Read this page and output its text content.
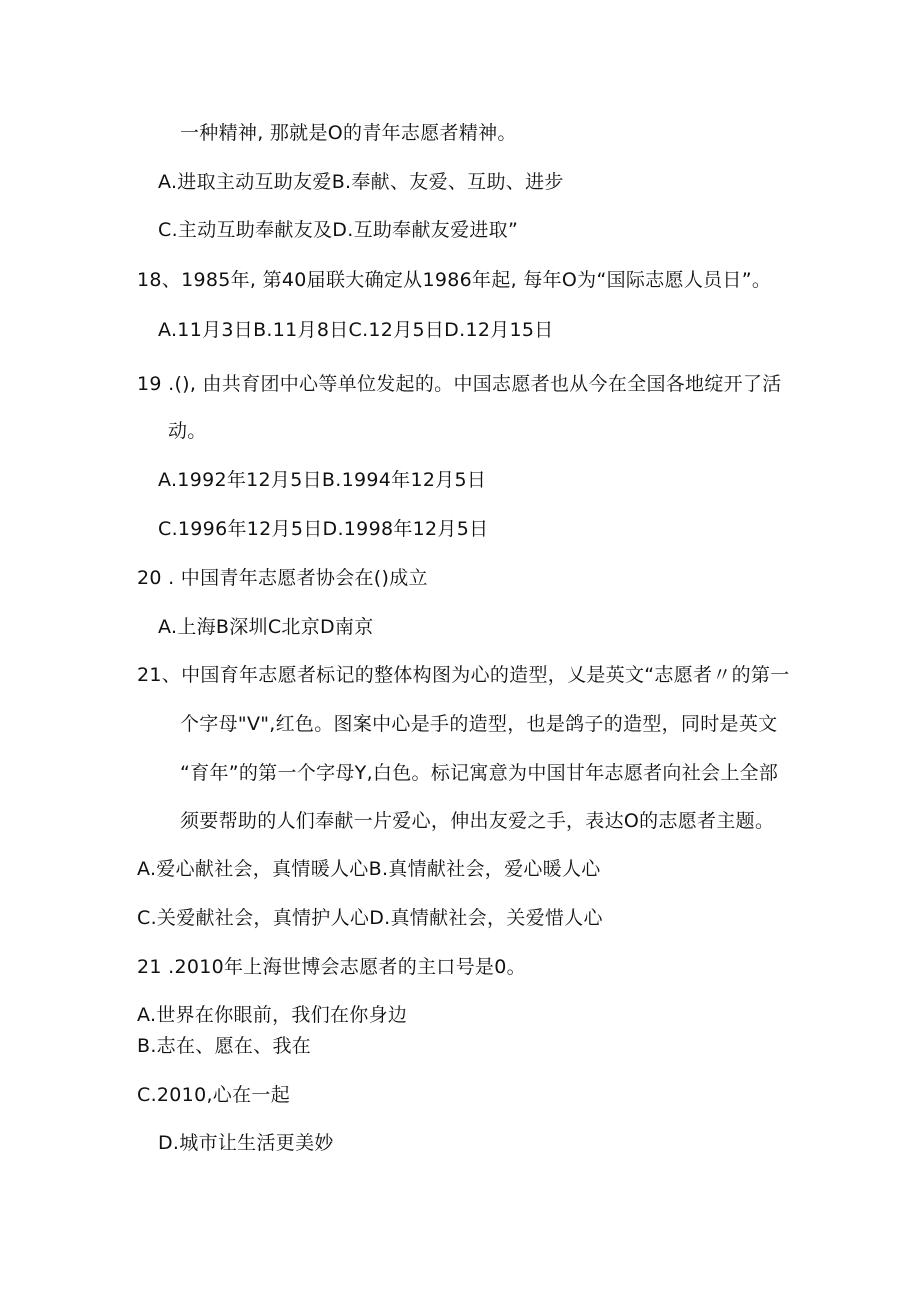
一种精神, 那就是O的青年志愿者精神。
A.进取主动互助友爱B.奉献、友爱、互助、进步
C.主动互助奉献友及D.互助奉献友爱进取”
18、1985年, 第40届联大确定从1986年起, 每年O为“国际志愿人员日”。
A.11月3日B.11月8日C.12月5日D.12月15日
19 .(), 由共育团中心等单位发起的。中国志愿者也从今在全国各地绽开了活
动。
A.1992年12月5日B.1994年12月5日
C.1996年12月5日D.1998年12月5日
20 . 中国青年志愿者协会在()成立
A.上海B深圳C北京D南京
21、中国育年志愿者标记的整体构图为心的造型，乂是英文“志愿者〃的第一
个字母"V",红色。图案中心是手的造型，也是鸽子的造型，同时是英文
“育年”的第一个字母Y,白色。标记寓意为中国甘年志愿者向社会上全部
须要帮助的人们奉献一片爱心，伸出友爱之手，表达O的志愿者主题。
A.爱心献社会，真情暖人心B.真情献社会，爱心暖人心
C.关爱献社会，真情护人心D.真情献社会，关爱惜人心
21 .2010年上海世博会志愿者的主口号是0。
A.世界在你眼前，我们在你身边
B.志在、愿在、我在
C.2010,心在一起
D.城市让生活更美妙
